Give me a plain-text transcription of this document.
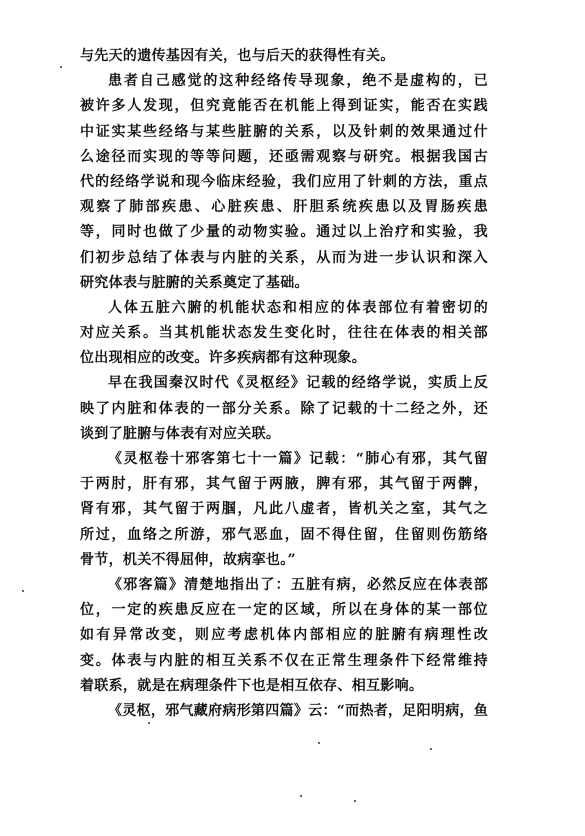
与先天的遗传基因有关，也与后天的获得性有关。
患者自己感觉的这种经络传导现象，绝不是虚构的，已
被许多人发现，但究竟能否在机能上得到证实，能否在实践
中证实某些经络与某些脏腑的关系，以及针刺的效果通过什
么途径而实现的等等问题，还亟需观察与研究。根据我国古
代的经络学说和现今临床经验，我们应用了针刺的方法，重点
观察了肺部疾患、心脏疾患、肝胆系统疾患以及胃肠疾患
等，同时也做了少量的动物实验。通过以上治疗和实验，我
们初步总结了体表与内脏的关系，从而为进一步认识和深入
研究体表与脏腑的关系奠定了基础。
人体五脏六腑的机能状态和相应的体表部位有着密切的
对应关系。当其机能状态发生变化时，往往在体表的相关部
位出现相应的改变。许多疾病都有这种现象。
早在我国秦汉时代《灵枢经》记载的经络学说，实质上反
映了内脏和体表的一部分关系。除了记载的十二经之外，还
谈到了脏腑与体表有对应关联。
《灵枢卷十邪客第七十一篇》记载：“肺心有邪，其气留
于两肘，肝有邪，其气留于两腋，脾有邪，其气留于两髀，
肾有邪，其气留于两腘，凡此八虚者，皆机关之室，其气之
所过，血络之所游，邪气恶血，固不得住留，住留则伤筋络
骨节，机关不得屈伸，故病挛也。”
《邪客篇》清楚地指出了：五脏有病，必然反应在体表部
位，一定的疾患反应在一定的区域，所以在身体的某一部位
如有异常改变，则应考虑机体内部相应的脏腑有病理性改
变。体表与内脏的相互关系不仅在正常生理条件下经常维持
着联系，就是在病理条件下也是相互依存、相互影响。
《灵枢，邪气藏府病形第四篇》云：“而热者，足阳明病，鱼
